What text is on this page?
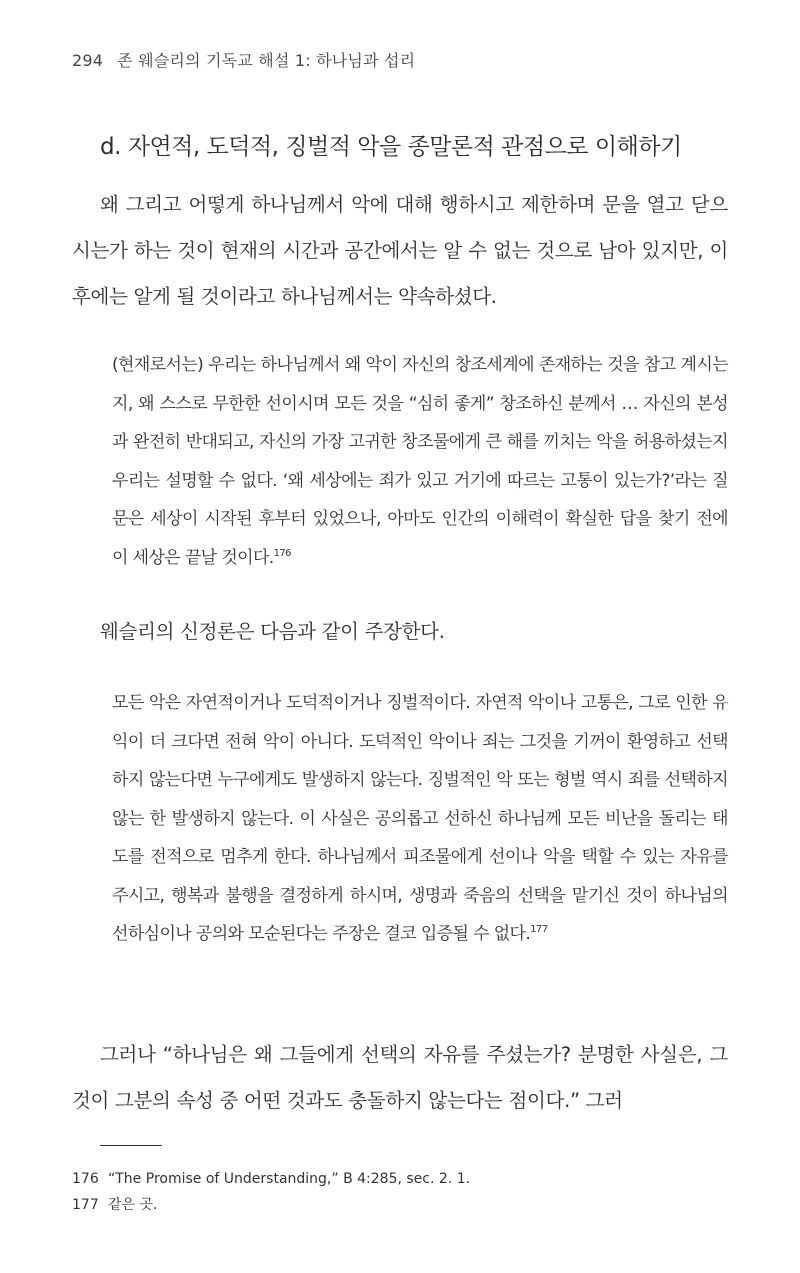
294 존 웨슬리의 기독교 해설 1: 하나님과 섭리
d. 자연적, 도덕적, 징벌적 악을 종말론적 관점으로 이해하기

왜 그리고 어떻게 하나님께서 악에 대해 행하시고 제한하며 문을 열고 닫으시는가 하는 것이 현재의 시간과 공간에서는 알 수 없는 것으로 남아 있지만, 이후에는 알게 될 것이라고 하나님께서는 약속하셨다.

(현재로서는) 우리는 하나님께서 왜 악이 자신의 창조세계에 존재하는 것을 참고 계시는지, 왜 스스로 무한한 선이시며 모든 것을 “심히 좋게” 창조하신 분께서 … 자신의 본성과 완전히 반대되고, 자신의 가장 고귀한 창조물에게 큰 해를 끼치는 악을 허용하셨는지 우리는 설명할 수 없다. ‘왜 세상에는 죄가 있고 거기에 따르는 고통이 있는가?’라는 질문은 세상이 시작된 후부터 있었으나, 아마도 인간의 이해력이 확실한 답을 찾기 전에 이 세상은 끝날 것이다.$^{176}$

웨슬리의 신정론은 다음과 같이 주장한다.

모든 악은 자연적이거나 도덕적이거나 징벌적이다. 자연적 악이나 고통은, 그로 인한 유익이 더 크다면 전혀 악이 아니다. 도덕적인 악이나 죄는 그것을 기꺼이 환영하고 선택하지 않는다면 누구에게도 발생하지 않는다. 징벌적인 악 또는 형벌 역시 죄를 선택하지 않는 한 발생하지 않는다. 이 사실은 공의롭고 선하신 하나님께 모든 비난을 돌리는 태도를 전적으로 멈추게 한다. 하나님께서 피조물에게 선이나 악을 택할 수 있는 자유를 주시고, 행복과 불행을 결정하게 하시며, 생명과 죽음의 선택을 맡기신 것이 하나님의 선하심이나 공의와 모순된다는 주장은 결코 입증될 수 없다.$^{177}$

그러나 “하나님은 왜 그들에게 선택의 자유를 주셨는가? 분명한 사실은, 그것이 그분의 속성 중 어떤 것과도 충돌하지 않는다는 점이다.” 그러

176 “The Promise of Understanding,” B 4:285, sec. 2. 1.
177 같은 곳.
